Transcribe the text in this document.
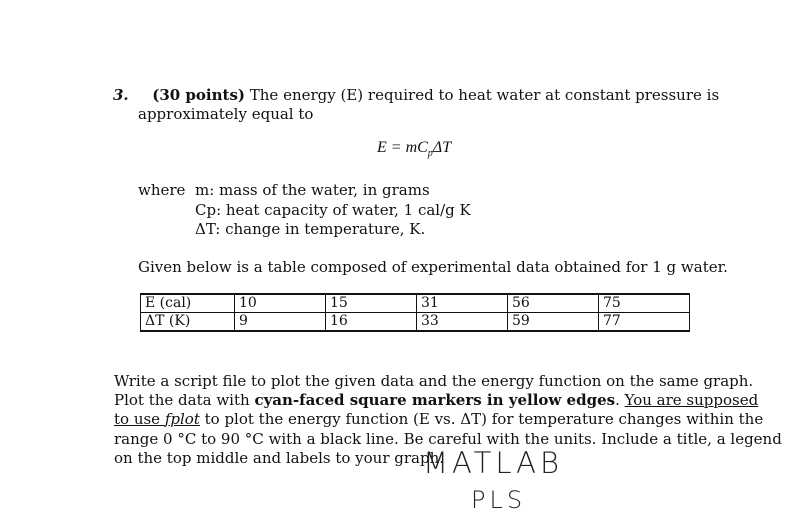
3. (30 points) The energy (E) required to heat water at constant pressure is
approximately equal to
$E = mC_p\Delta T$
where m: mass of the water, in grams
Cp: heat capacity of water, 1 cal/g K
ΔT: change in temperature, K.
Given below is a table composed of experimental data obtained for 1 g water.
E (cal)	10	15	31	56	75
ΔT (K)	9	16	33	59	77
Write a script file to plot the given data and the energy function on the same graph.
Plot the data with cyan-faced square markers in yellow edges. You are supposed
to use fplot to plot the energy function (E vs. ΔT) for temperature changes within the
range 0 °C to 90 °C with a black line. Be careful with the units. Include a title, a legend
on the top middle and labels to your graph.
MATLAB
PLS
